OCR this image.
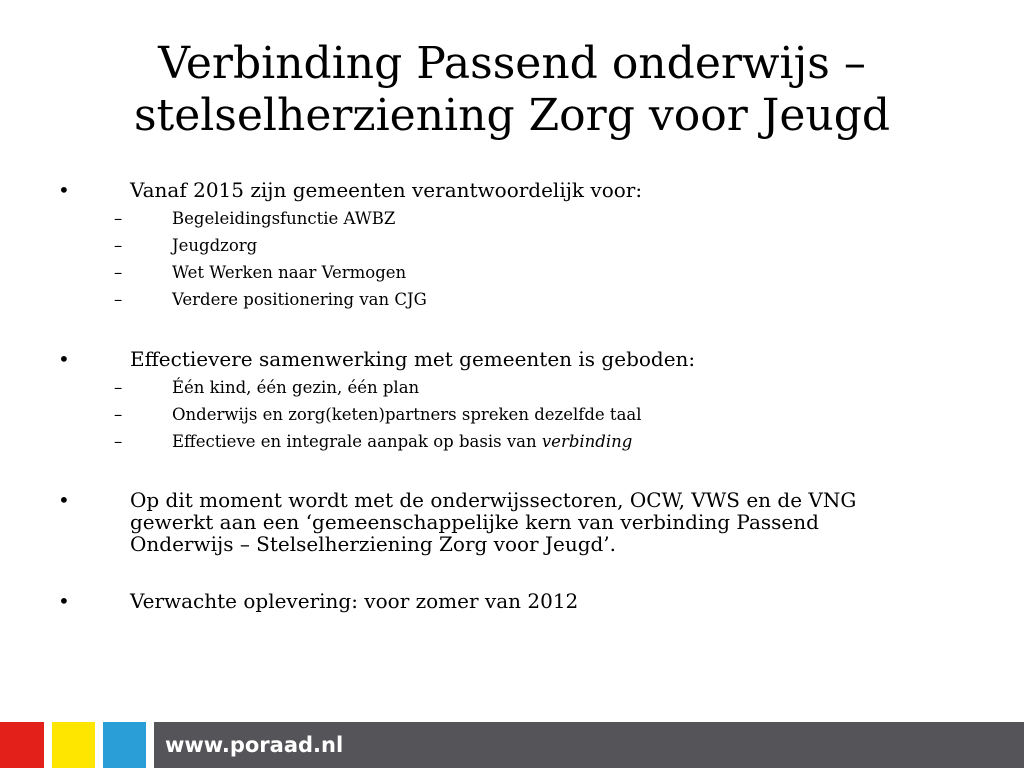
Verbinding Passend onderwijs –
stelselherziening Zorg voor Jeugd
•	Vanaf 2015 zijn gemeenten verantwoordelijk voor:
–	Begeleidingsfunctie AWBZ
–	Jeugdzorg
–	Wet Werken naar Vermogen
–	Verdere positionering van CJG
•	Effectievere samenwerking met gemeenten is geboden:
–	Één kind, één gezin, één plan
–	Onderwijs en zorg(keten)partners spreken dezelfde taal
–	Effectieve en integrale aanpak op basis van verbinding
•	Op dit moment wordt met de onderwijssectoren, OCW, VWS en de VNG
gewerkt aan een ‘gemeenschappelijke kern van verbinding Passend
Onderwijs – Stelselherziening Zorg voor Jeugd’.
•	Verwachte oplevering: voor zomer van 2012
www.poraad.nl
